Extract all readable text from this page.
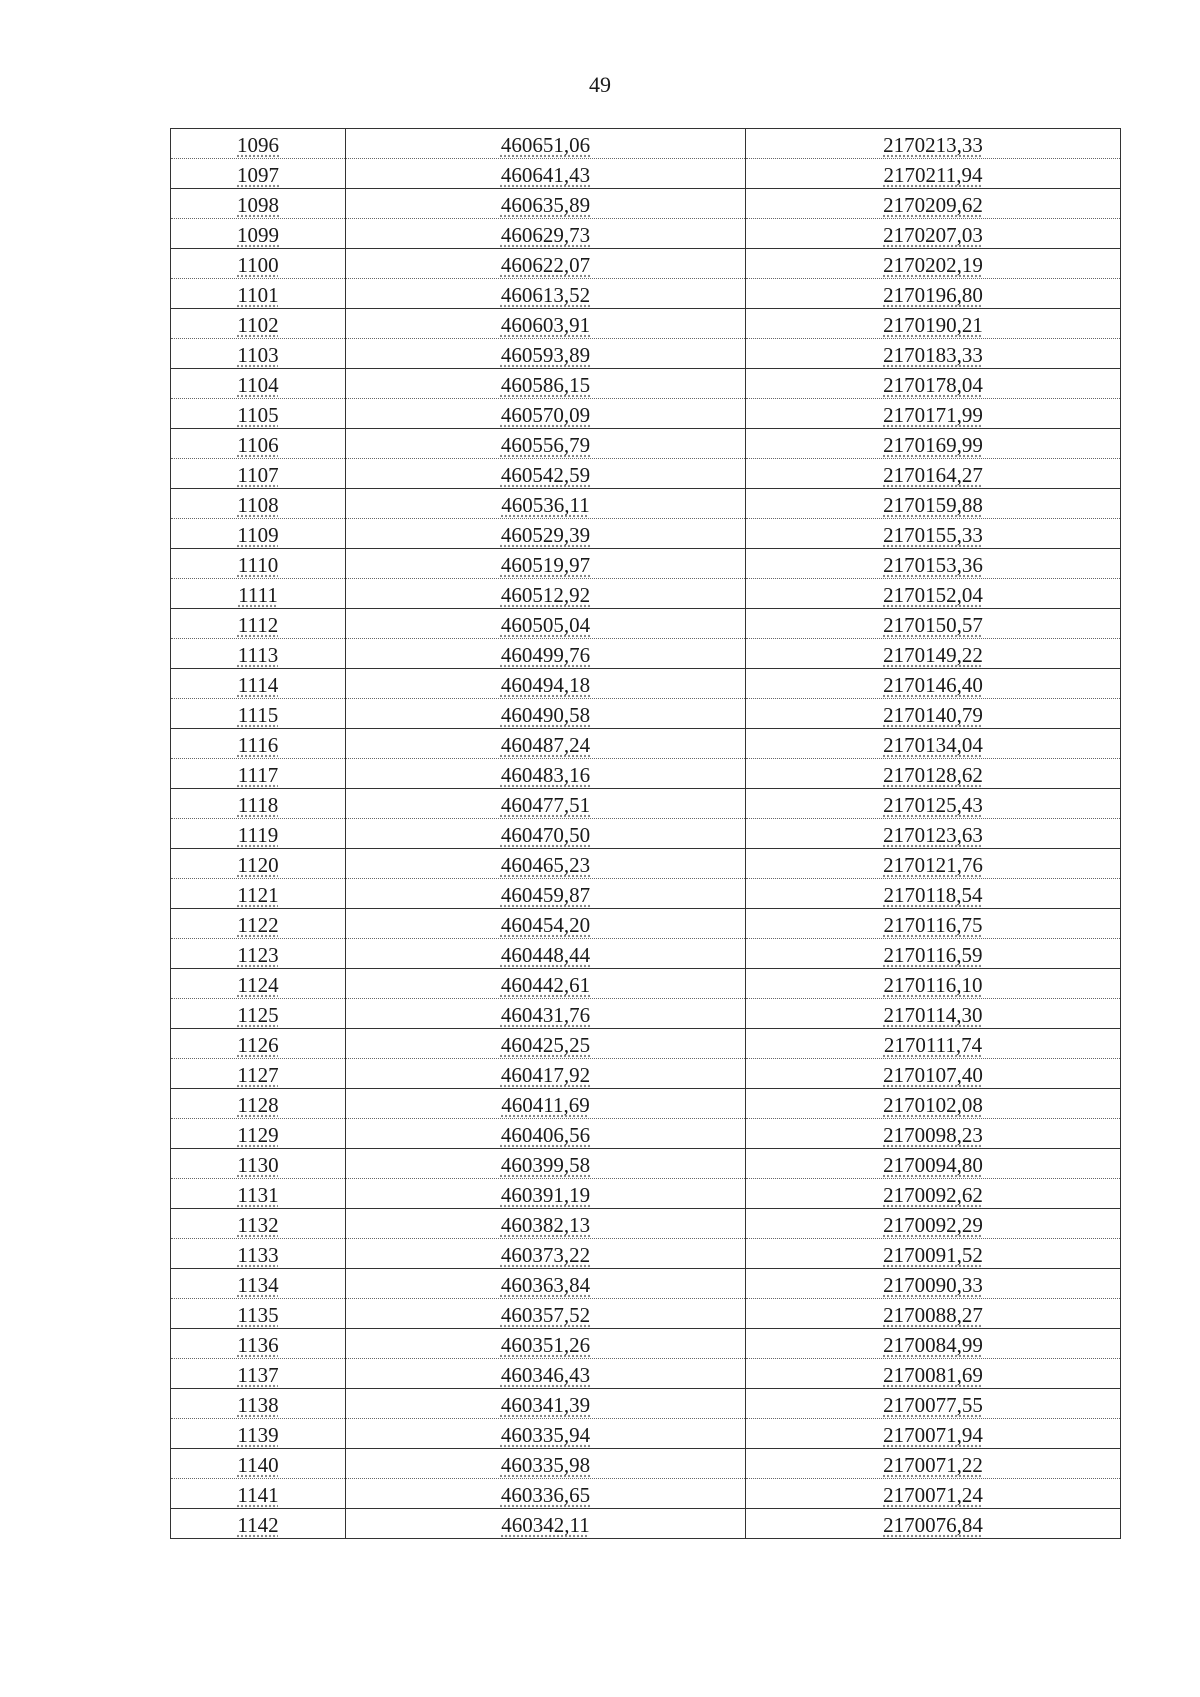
49
1096	460651,06	2170213,33
1097	460641,43	2170211,94
1098	460635,89	2170209,62
1099	460629,73	2170207,03
1100	460622,07	2170202,19
1101	460613,52	2170196,80
1102	460603,91	2170190,21
1103	460593,89	2170183,33
1104	460586,15	2170178,04
1105	460570,09	2170171,99
1106	460556,79	2170169,99
1107	460542,59	2170164,27
1108	460536,11	2170159,88
1109	460529,39	2170155,33
1110	460519,97	2170153,36
1111	460512,92	2170152,04
1112	460505,04	2170150,57
1113	460499,76	2170149,22
1114	460494,18	2170146,40
1115	460490,58	2170140,79
1116	460487,24	2170134,04
1117	460483,16	2170128,62
1118	460477,51	2170125,43
1119	460470,50	2170123,63
1120	460465,23	2170121,76
1121	460459,87	2170118,54
1122	460454,20	2170116,75
1123	460448,44	2170116,59
1124	460442,61	2170116,10
1125	460431,76	2170114,30
1126	460425,25	2170111,74
1127	460417,92	2170107,40
1128	460411,69	2170102,08
1129	460406,56	2170098,23
1130	460399,58	2170094,80
1131	460391,19	2170092,62
1132	460382,13	2170092,29
1133	460373,22	2170091,52
1134	460363,84	2170090,33
1135	460357,52	2170088,27
1136	460351,26	2170084,99
1137	460346,43	2170081,69
1138	460341,39	2170077,55
1139	460335,94	2170071,94
1140	460335,98	2170071,22
1141	460336,65	2170071,24
1142	460342,11	2170076,84
